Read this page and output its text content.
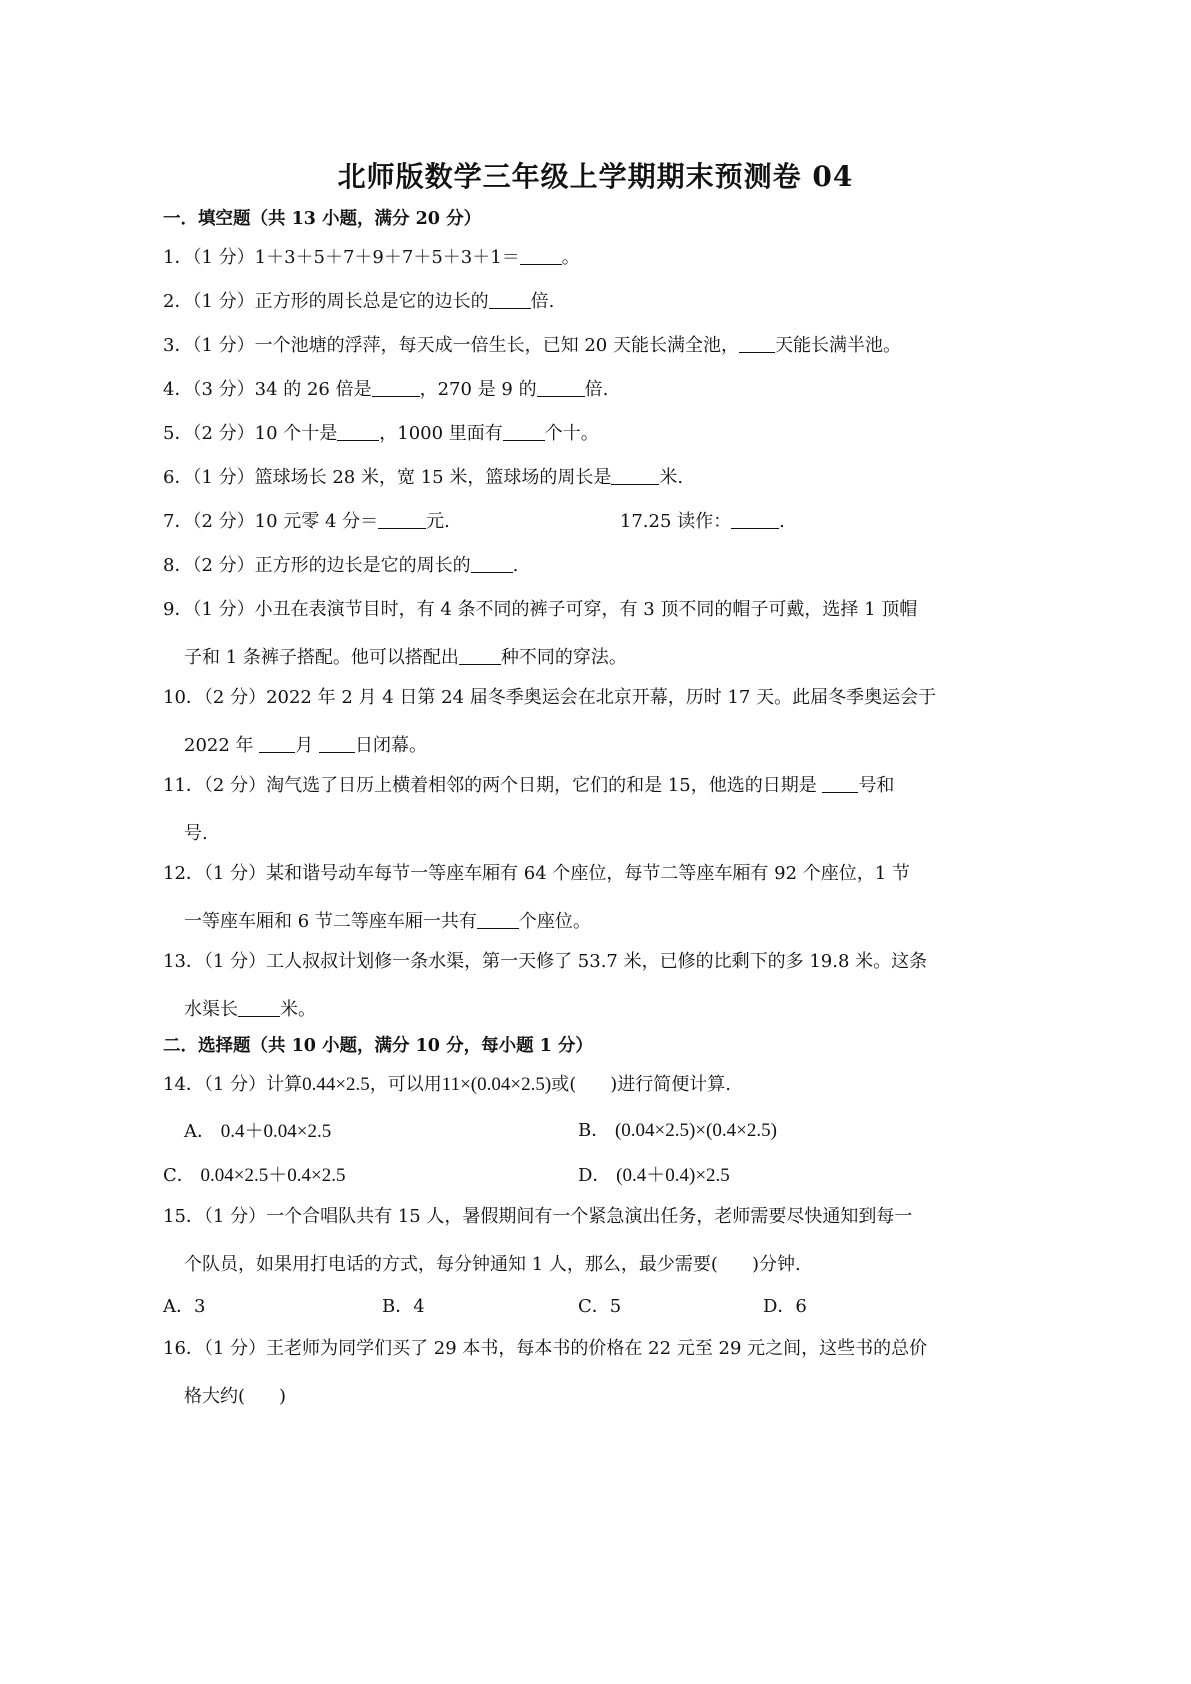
北师版数学三年级上学期期末预测卷 04
一．填空题（共 13 小题，满分 20 分）
1．（1 分）1＋3＋5＋7＋9＋7＋5＋3＋1＝ 。
2．（1 分）正方形的周长总是它的边长的 倍.
3．（1 分）一个池塘的浮萍，每天成一倍生长，已知 20 天能长满全池， 天能长满半池。
4．（3 分）34 的 26 倍是	，270 是 9 的	倍.
5．（2 分）10 个十是 ，1000 里面有 个十。
6．（1 分）篮球场长 28 米，宽 15 米，篮球场的周长是	米.
7．（2 分）10 元零 4 分＝	元.	17.25 读作：	.
8．（2 分）正方形的边长是它的周长的 .
9．（1 分）小丑在表演节目时，有 4 条不同的裤子可穿，有 3 顶不同的帽子可戴，选择 1 顶帽
子和 1 条裤子搭配。他可以搭配出 种不同的穿法。
10．（2 分）2022 年 2 月 4 日第 24 届冬季奥运会在北京开幕，历时 17 天。此届冬季奥运会于
2022 年 月 日闭幕。
11．（2 分）淘气选了日历上横着相邻的两个日期，它们的和是 15，他选的日期是 号和
号.
12．（1 分）某和谐号动车每节一等座车厢有 64 个座位，每节二等座车厢有 92 个座位，1 节
一等座车厢和 6 节二等座车厢一共有 个座位。
13．（1 分）工人叔叔计划修一条水渠，第一天修了 53.7 米，已修的比剩下的多 19.8 米。这条
水渠长 米。
二．选择题（共 10 小题，满分 10 分，每小题 1 分）
14．（1 分）计算0.44×2.5，可以用11×(0.04×2.5)或( )进行简便计算.
A． 0.4＋0.04×2.5	B． (0.04×2.5)×(0.4×2.5)
C． 0.04×2.5＋0.4×2.5	D． (0.4＋0.4)×2.5
15．（1 分）一个合唱队共有 15 人，暑假期间有一个紧急演出任务，老师需要尽快通知到每一
个队员，如果用打电话的方式，每分钟通知 1 人，那么，最少需要( )分钟.
A．3	B．4	C．5	D．6
16．（1 分）王老师为同学们买了 29 本书，每本书的价格在 22 元至 29 元之间，这些书的总价
格大约( )
